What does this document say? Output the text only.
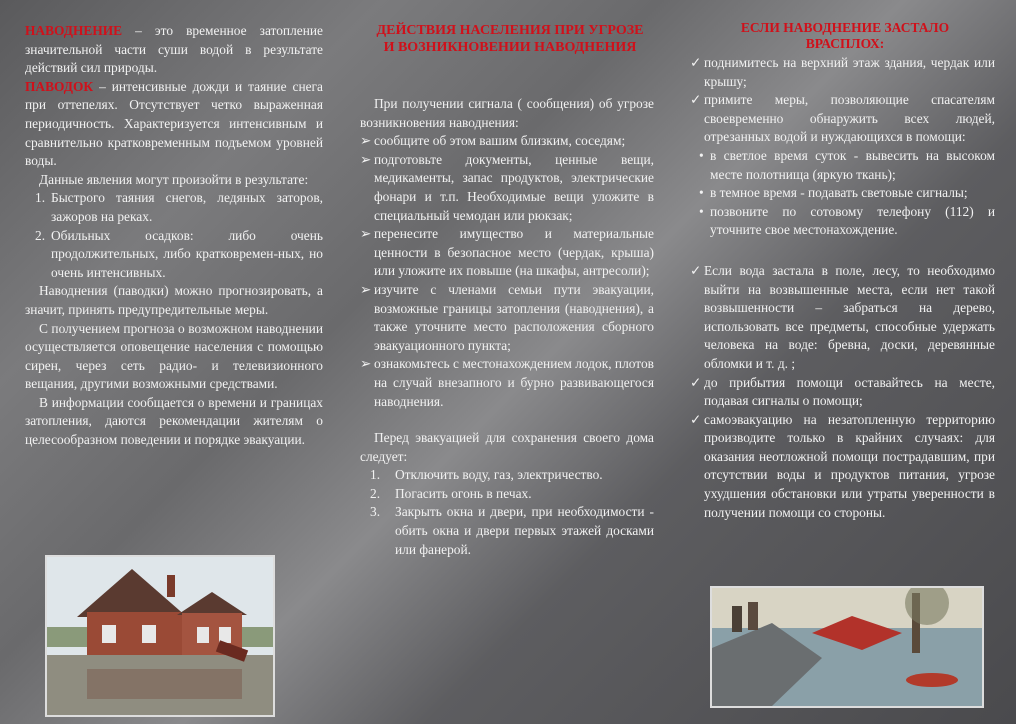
НАВОДНЕНИЕ – это временное затопление значительной части суши водой в результате действий сил природы.

ПАВОДОК – интенсивные дожди и таяние снега при оттепелях. Отсутствует четко выраженная периодичность. Характеризуется интенсивным и сравнительно кратковременным подъемом уровней воды.

Данные явления могут произойти в результате:

1. Быстрого таяния снегов, ледяных заторов, зажоров на реках.
2. Обильных осадков: либо очень продолжительных, либо кратковремен-ных, но очень интенсивных.

Наводнения (паводки) можно прогнозировать, а значит, принять предупредительные меры.

С получением прогноза о возможном наводнении осуществляется оповещение населения с помощью сирен, через сеть радио- и телевизионного вещания, другими возможными средствами.

В информации сообщается о времени и границах затопления, даются рекомендации жителям о целесообразном поведении и порядке эвакуации.

ДЕЙСТВИЯ НАСЕЛЕНИЯ ПРИ УГРОЗЕ И ВОЗНИКНОВЕНИИ НАВОДНЕНИЯ

При получении сигнала ( сообщения) об угрозе возникновения наводнения:

➢ сообщите об этом вашим близким, соседям;

➢ подготовьте документы, ценные вещи, медикаменты, запас продуктов, электрические фонари и т.п. Необходимые вещи уложите в специальный чемодан или рюкзак;

➢ перенесите имущество и материальные ценности в безопасное место (чердак, крыша) или уложите их повыше (на шкафы, антресоли);

➢ изучите с членами семьи пути эвакуации, возможные границы затопления (наводнения), а также уточните место расположения сборного эвакуационного пункта;

➢ ознакомьтесь с местонахождением лодок, плотов на случай внезапного и бурно развивающегося наводнения.

Перед эвакуацией для сохранения своего дома следует:

1. Отключить воду, газ, электричество.
2. Погасить огонь в печах.
3. Закрыть окна и двери, при необходимости - обить окна и двери первых этажей досками или фанерой.
ЕСЛИ НАВОДНЕНИЕ ЗАСТАЛО ВРАСПЛОХ:

✓ поднимитесь на верхний этаж здания, чердак или крышу;

✓ примите меры, позволяющие спасателям своевременно обнаружить всех людей, отрезанных водой и нуждающихся в помощи:

• в светлое время суток - вывесить на высоком месте полотнища (яркую ткань);

• в темное время - подавать световые сигналы;

• позвоните по сотовому телефону (112) и уточните свое местонахождение.

✓ Если вода застала в поле, лесу, то необходимо выйти на возвышенные места, если нет такой возвышенности – забраться на дерево, использовать все предметы, способные удержать человека на воде: бревна, доски, деревянные обломки и т. д. ;

✓ до прибытия помощи оставайтесь на месте, подавая сигналы о помощи;

✓ самоэвакуацию на незатопленную территорию производите только в крайних случаях: для оказания неотложной помощи пострадавшим, при отсутствии воды и продуктов питания, угрозе ухудшения обстановки или утраты уверенности в получении помощи со стороны.
